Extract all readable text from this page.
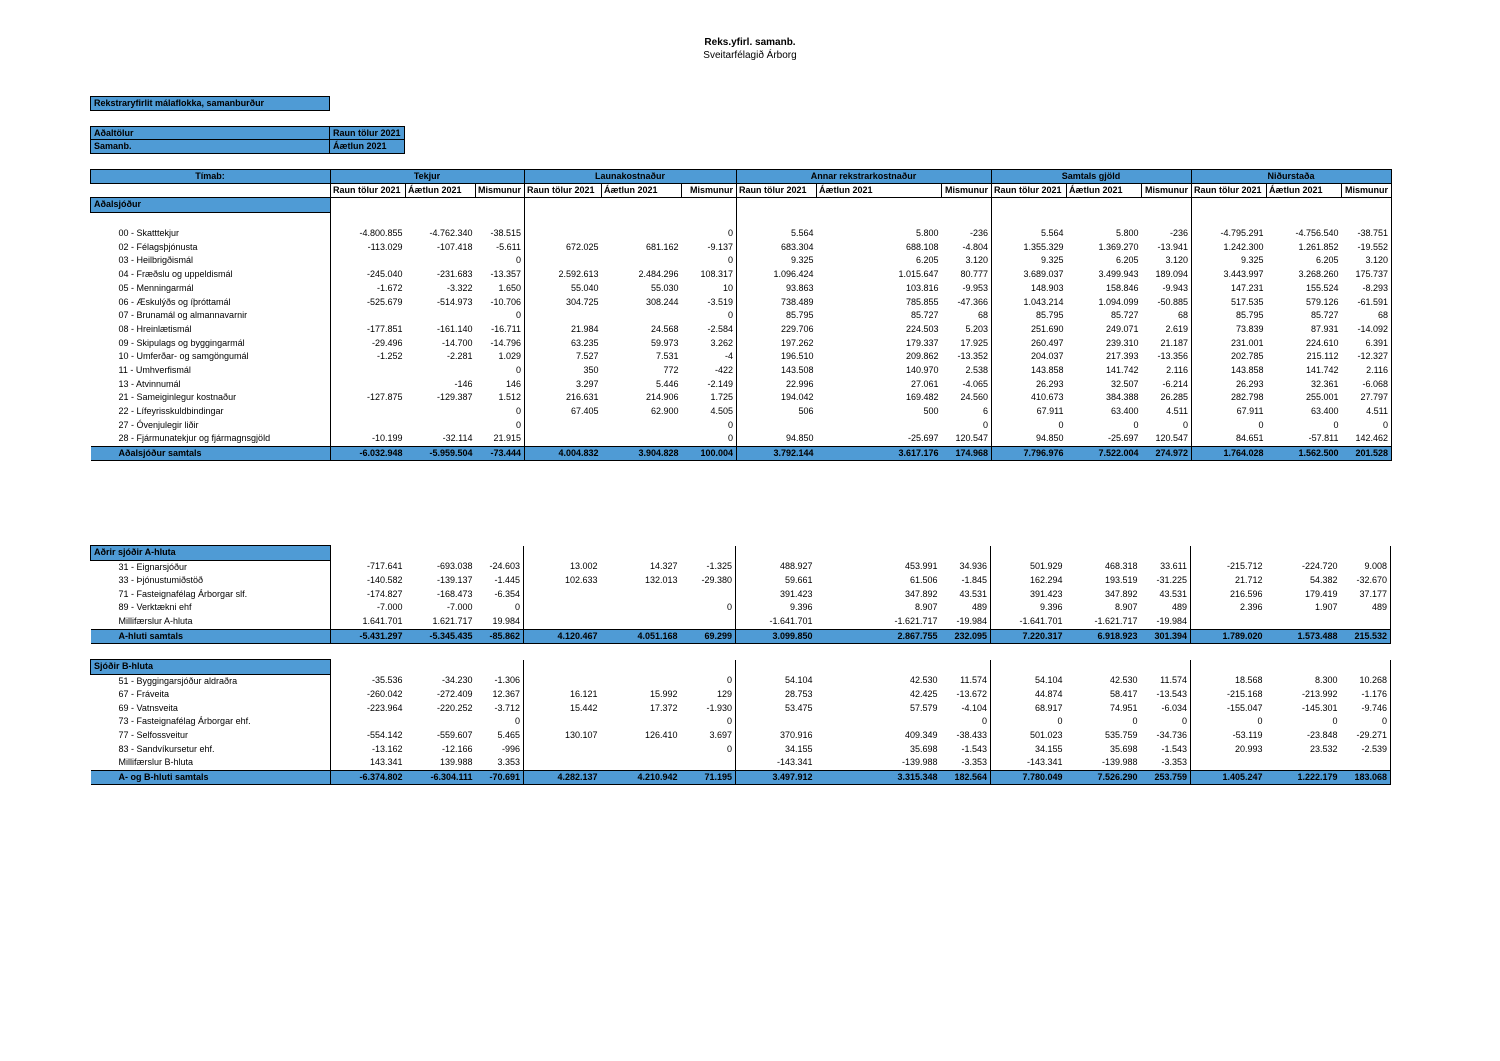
Reks.yfirl. samanb.
Sveitarfélagið Árborg
Rekstraryfirlit málaflokka, samanburður
Aðaltölur	Raun tölur 2021
Samanb.	Áætlun 2021
Tímab:	Tekjur			Launakostnaður			Annar rekstrarkostnaður			Samtals gjöld			Niðurstaða		
	Raun tölur 2021	Áætlun 2021	Mismunur	Raun tölur 2021	Áætlun 2021	Mismunur	Raun tölur 2021	Áætlun 2021	Mismunur	Raun tölur 2021	Áætlun 2021	Mismunur	Raun tölur 2021	Áætlun 2021	Mismunur
Aðalsjóður															

00 - Skatttekjur	-4.800.855	-4.762.340	-38.515			0	5.564	5.800	-236	5.564	5.800	-236	-4.795.291	-4.756.540	-38.751
02 - Félagsþjónusta	-113.029	-107.418	-5.611	672.025	681.162	-9.137	683.304	688.108	-4.804	1.355.329	1.369.270	-13.941	1.242.300	1.261.852	-19.552
03 - Heilbrigðismál			0			0	9.325	6.205	3.120	9.325	6.205	3.120	9.325	6.205	3.120
04 - Fræðslu og uppeldismál	-245.040	-231.683	-13.357	2.592.613	2.484.296	108.317	1.096.424	1.015.647	80.777	3.689.037	3.499.943	189.094	3.443.997	3.268.260	175.737
05 - Menningarmál	-1.672	-3.322	1.650	55.040	55.030	10	93.863	103.816	-9.953	148.903	158.846	-9.943	147.231	155.524	-8.293
06 - Æskulýðs og íþróttamál	-525.679	-514.973	-10.706	304.725	308.244	-3.519	738.489	785.855	-47.366	1.043.214	1.094.099	-50.885	517.535	579.126	-61.591
07 - Brunamál og almannavarnir			0			0	85.795	85.727	68	85.795	85.727	68	85.795	85.727	68
08 - Hreinlætismál	-177.851	-161.140	-16.711	21.984	24.568	-2.584	229.706	224.503	5.203	251.690	249.071	2.619	73.839	87.931	-14.092
09 - Skipulags og byggingarmál	-29.496	-14.700	-14.796	63.235	59.973	3.262	197.262	179.337	17.925	260.497	239.310	21.187	231.001	224.610	6.391
10 - Umferðar- og samgöngumál	-1.252	-2.281	1.029	7.527	7.531	-4	196.510	209.862	-13.352	204.037	217.393	-13.356	202.785	215.112	-12.327
11 - Umhverfismál			0	350	772	-422	143.508	140.970	2.538	143.858	141.742	2.116	143.858	141.742	2.116
13 - Atvinnumál		-146	146	3.297	5.446	-2.149	22.996	27.061	-4.065	26.293	32.507	-6.214	26.293	32.361	-6.068
21 - Sameiginlegur kostnaður	-127.875	-129.387	1.512	216.631	214.906	1.725	194.042	169.482	24.560	410.673	384.388	26.285	282.798	255.001	27.797
22 - Lífeyrisskuldbindingar			0	67.405	62.900	4.505	506	500	6	67.911	63.400	4.511	67.911	63.400	4.511
27 - Óvenjulegir liðir			0			0			0	0	0	0	0	0	0
28 - Fjármunatekjur og fjármagnsgjöld	-10.199	-32.114	21.915			0	94.850	-25.697	120.547	94.850	-25.697	120.547	84.651	-57.811	142.462
Aðalsjóður samtals	-6.032.948	-5.959.504	-73.444	4.004.832	3.904.828	100.004	3.792.144	3.617.176	174.968	7.796.976	7.522.004	274.972	1.764.028	1.562.500	201.528
Aðrir sjóðir A-hluta															
31 - Eignarsjóður	-717.641	-693.038	-24.603	13.002	14.327	-1.325	488.927	453.991	34.936	501.929	468.318	33.611	-215.712	-224.720	9.008
33 - Þjónustumiðstöð	-140.582	-139.137	-1.445	102.633	132.013	-29.380	59.661	61.506	-1.845	162.294	193.519	-31.225	21.712	54.382	-32.670
71 - Fasteignafélag Árborgar slf.	-174.827	-168.473	-6.354				391.423	347.892	43.531	391.423	347.892	43.531	216.596	179.419	37.177
89 - Verktækni ehf	-7.000	-7.000	0			0	9.396	8.907	489	9.396	8.907	489	2.396	1.907	489
Millifærslur A-hluta	1.641.701	1.621.717	19.984				-1.641.701	-1.621.717	-19.984	-1.641.701	-1.621.717	-19.984			
A-hluti samtals	-5.431.297	-5.345.435	-85.862	4.120.467	4.051.168	69.299	3.099.850	2.867.755	232.095	7.220.317	6.918.923	301.394	1.789.020	1.573.488	215.532
Sjóðir B-hluta															
51 - Byggingarsjóður aldraðra	-35.536	-34.230	-1.306			0	54.104	42.530	11.574	54.104	42.530	11.574	18.568	8.300	10.268
67 - Fráveita	-260.042	-272.409	12.367	16.121	15.992	129	28.753	42.425	-13.672	44.874	58.417	-13.543	-215.168	-213.992	-1.176
69 - Vatnsveita	-223.964	-220.252	-3.712	15.442	17.372	-1.930	53.475	57.579	-4.104	68.917	74.951	-6.034	-155.047	-145.301	-9.746
73 - Fasteignafélag Árborgar ehf.			0			0			0	0	0	0	0	0	0
77 - Selfossveitur	-554.142	-559.607	5.465	130.107	126.410	3.697	370.916	409.349	-38.433	501.023	535.759	-34.736	-53.119	-23.848	-29.271
83 - Sandvíkursetur ehf.	-13.162	-12.166	-996			0	34.155	35.698	-1.543	34.155	35.698	-1.543	20.993	23.532	-2.539
Millifærslur B-hluta	143.341	139.988	3.353				-143.341	-139.988	-3.353	-143.341	-139.988	-3.353			
A- og B-hluti samtals	-6.374.802	-6.304.111	-70.691	4.282.137	4.210.942	71.195	3.497.912	3.315.348	182.564	7.780.049	7.526.290	253.759	1.405.247	1.222.179	183.068
